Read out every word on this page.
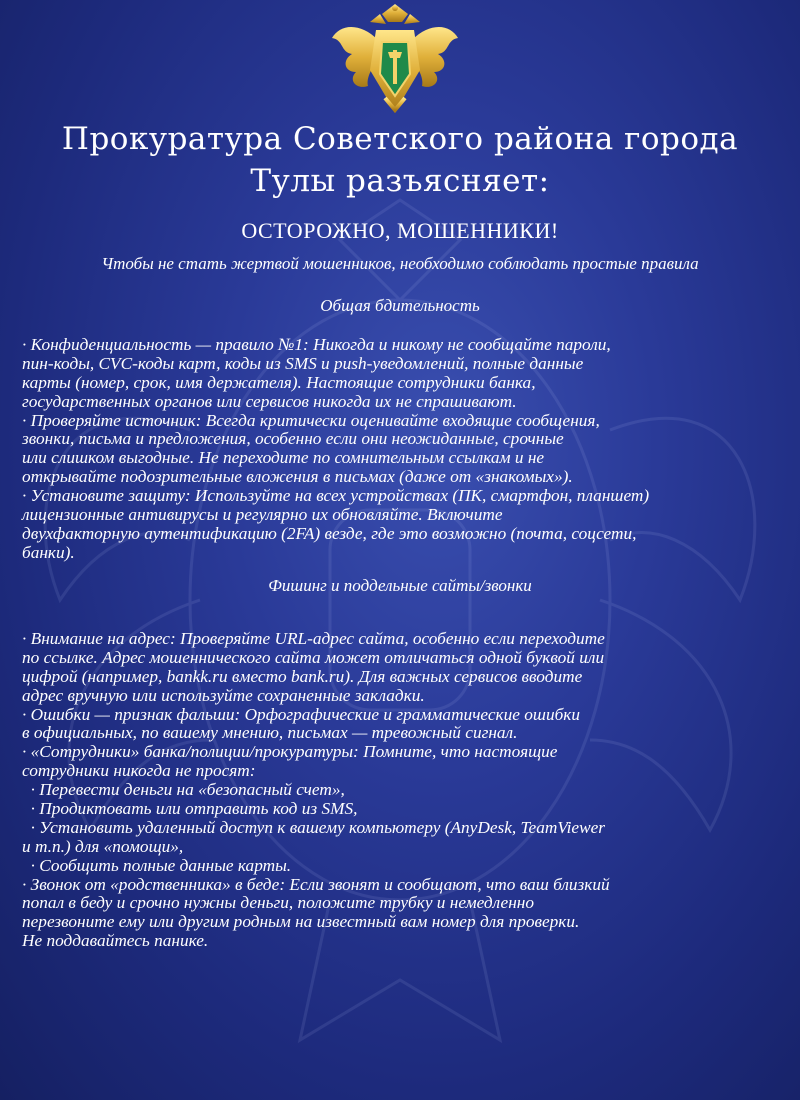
Прокуратура Советского района города
Тулы разъясняет:
ОСТОРОЖНО, МОШЕННИКИ!
Чтобы не стать жертвой мошенников, необходимо соблюдать простые правила
Общая бдительность
· Конфиденциальность — правило №1: Никогда и никому не сообщайте пароли,
пин-коды, CVC-коды карт, коды из SMS и push-уведомлений, полные данные
карты (номер, срок, имя держателя). Настоящие сотрудники банка,
государственных органов или сервисов никогда их не спрашивают.
· Проверяйте источник: Всегда критически оценивайте входящие сообщения,
звонки, письма и предложения, особенно если они неожиданные, срочные
или слишком выгодные. Не переходите по сомнительным ссылкам и не
открывайте подозрительные вложения в письмах (даже от «знакомых»).
· Установите защиту: Используйте на всех устройствах (ПК, смартфон, планшет)
лицензионные антивирусы и регулярно их обновляйте. Включите
двухфакторную аутентификацию (2FA) везде, где это возможно (почта, соцсети,
банки).
Фишинг и поддельные сайты/звонки
· Внимание на адрес: Проверяйте URL-адрес сайта, особенно если переходите
по ссылке. Адрес мошеннического сайта может отличаться одной буквой или
цифрой (например, bankk.ru вместо bank.ru). Для важных сервисов вводите
адрес вручную или используйте сохраненные закладки.
· Ошибки — признак фальши: Орфографические и грамматические ошибки
в официальных, по вашему мнению, письмах — тревожный сигнал.
· «Сотрудники» банка/полиции/прокуратуры: Помните, что настоящие
сотрудники никогда не просят:
· Перевести деньги на «безопасный счет»,
· Продиктовать или отправить код из SMS,
· Установить удаленный доступ к вашему компьютеру (AnyDesk, TeamViewer
и т.п.) для «помощи»,
· Сообщить полные данные карты.
· Звонок от «родственника» в беде: Если звонят и сообщают, что ваш близкий
попал в беду и срочно нужны деньги, положите трубку и немедленно
перезвоните ему или другим родным на известный вам номер для проверки.
Не поддавайтесь панике.
